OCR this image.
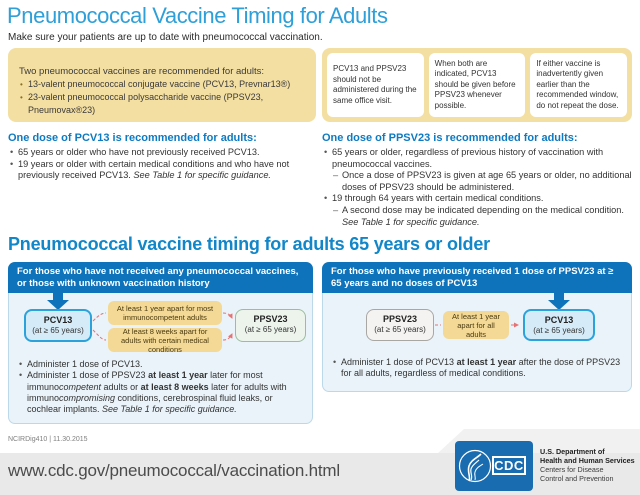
Pneumococcal Vaccine Timing for Adults
Make sure your patients are up to date with pneumococcal vaccination.
Two pneumococcal vaccines are recommended for adults:
• 13-valent pneumococcal conjugate vaccine (PCV13, Prevnar13®)
• 23-valent pneumococcal polysaccharide vaccine (PPSV23, Pneumovax®23)
PCV13 and PPSV23 should not be administered during the same office visit.
When both are indicated, PCV13 should be given before PPSV23 whenever possible.
If either vaccine is inadvertently given earlier than the recommended window, do not repeat the dose.
One dose of PCV13 is recommended for adults:
• 65 years or older who have not previously received PCV13.
• 19 years or older with certain medical conditions and who have not previously received PCV13. See Table 1 for specific guidance.
One dose of PPSV23 is recommended for adults:
• 65 years or older, regardless of previous history of vaccination with pneumococcal vaccines.
– Once a dose of PPSV23 is given at age 65 years or older, no additional doses of PPSV23 should be administered.
• 19 through 64 years with certain medical conditions.
– A second dose may be indicated depending on the medical condition. See Table 1 for specific guidance.
Pneumococcal vaccine timing for adults 65 years or older
For those who have not received any pneumococcal vaccines, or those with unknown vaccination history
PCV13
(at ≥ 65 years)
At least 1 year apart for most immunocompetent adults
At least 8 weeks apart for adults with certain medical conditions
PPSV23
(at ≥ 65 years)
• Administer 1 dose of PCV13.
• Administer 1 dose of PPSV23 at least 1 year later for most immunocompetent adults or at least 8 weeks later for adults with immunocompromising conditions, cerebrospinal fluid leaks, or cochlear implants. See Table 1 for specific guidance.
For those who have previously received 1 dose of PPSV23 at ≥ 65 years and no doses of PCV13
PPSV23
(at ≥ 65 years)
At least 1 year apart for all adults
PCV13
(at ≥ 65 years)
• Administer 1 dose of PCV13 at least 1 year after the dose of PPSV23 for all adults, regardless of medical conditions.
NCIRDig410 | 11.30.2015
www.cdc.gov/pneumococcal/vaccination.html	CDC
U.S. Department of
Health and Human Services
Centers for Disease
Control and Prevention
